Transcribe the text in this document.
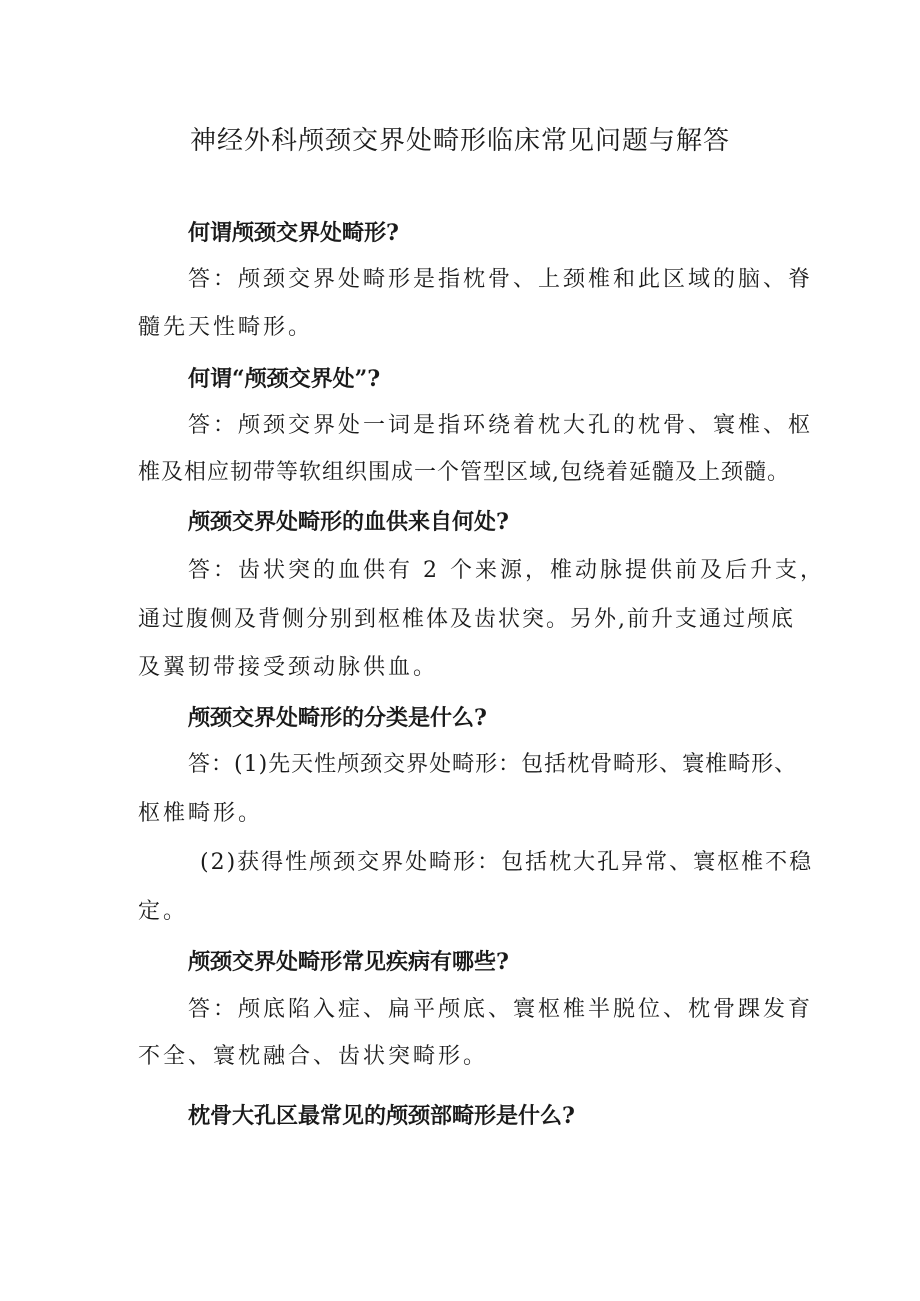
神经外科颅颈交界处畸形临床常见问题与解答
何谓颅颈交界处畸形?
答：颅颈交界处畸形是指枕骨、上颈椎和此区域的脑、脊
髓先天性畸形。
何谓“颅颈交界处”?
答：颅颈交界处一词是指环绕着枕大孔的枕骨、寰椎、枢
椎及相应韧带等软组织围成一个管型区域,包绕着延髓及上颈髓。
颅颈交界处畸形的血供来自何处?
答：齿状突的血供有 2 个来源，椎动脉提供前及后升支，
通过腹侧及背侧分别到枢椎体及齿状突。另外,前升支通过颅底
及翼韧带接受颈动脉供血。
颅颈交界处畸形的分类是什么?
答：(1)先天性颅颈交界处畸形：包括枕骨畸形、寰椎畸形、
枢椎畸形。
(2)获得性颅颈交界处畸形：包括枕大孔异常、寰枢椎不稳
定。
颅颈交界处畸形常见疾病有哪些?
答：颅底陷入症、扁平颅底、寰枢椎半脱位、枕骨踝发育
不全、寰枕融合、齿状突畸形。
枕骨大孔区最常见的颅颈部畸形是什么?
